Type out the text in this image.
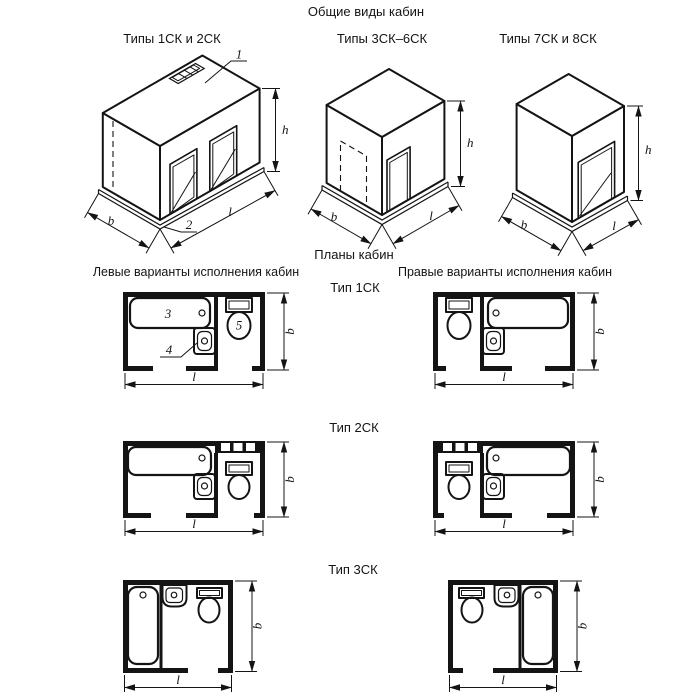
Общие виды кабин
Типы 1СК и 2СК	Типы 3СК–6СК	Типы 7СК и 8СК
Планы кабин
Левые варианты исполнения кабин	Правые варианты исполнения кабин
Тип 1СК
Тип 2СК
Тип 3СК
1
2
h
b
l
h
b	l
h
b	l
3
4
5	b
l
b
l
b
l
b
l
b
l
b
l
